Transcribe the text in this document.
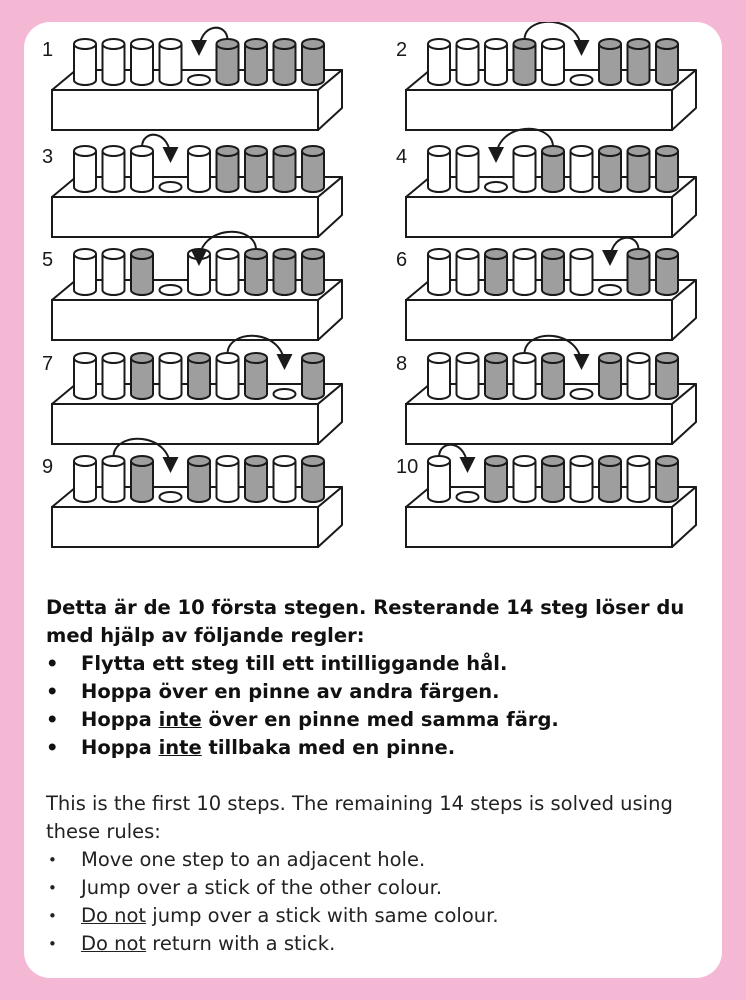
1	2
3	4
5	6
7	8
9	10
Detta är de 10 första stegen. Resterande 14 steg löser du med hjälp av följande regler:
• Flytta ett steg till ett intilliggande hål.
• Hoppa över en pinne av andra färgen.
• Hoppa inte över en pinne med samma färg.
• Hoppa inte tillbaka med en pinne.
This is the first 10 steps. The remaining 14 steps is solved using these rules:
• Move one step to an adjacent hole.
• Jump over a stick of the other colour.
• Do not jump over a stick with same colour.
• Do not return with a stick.
